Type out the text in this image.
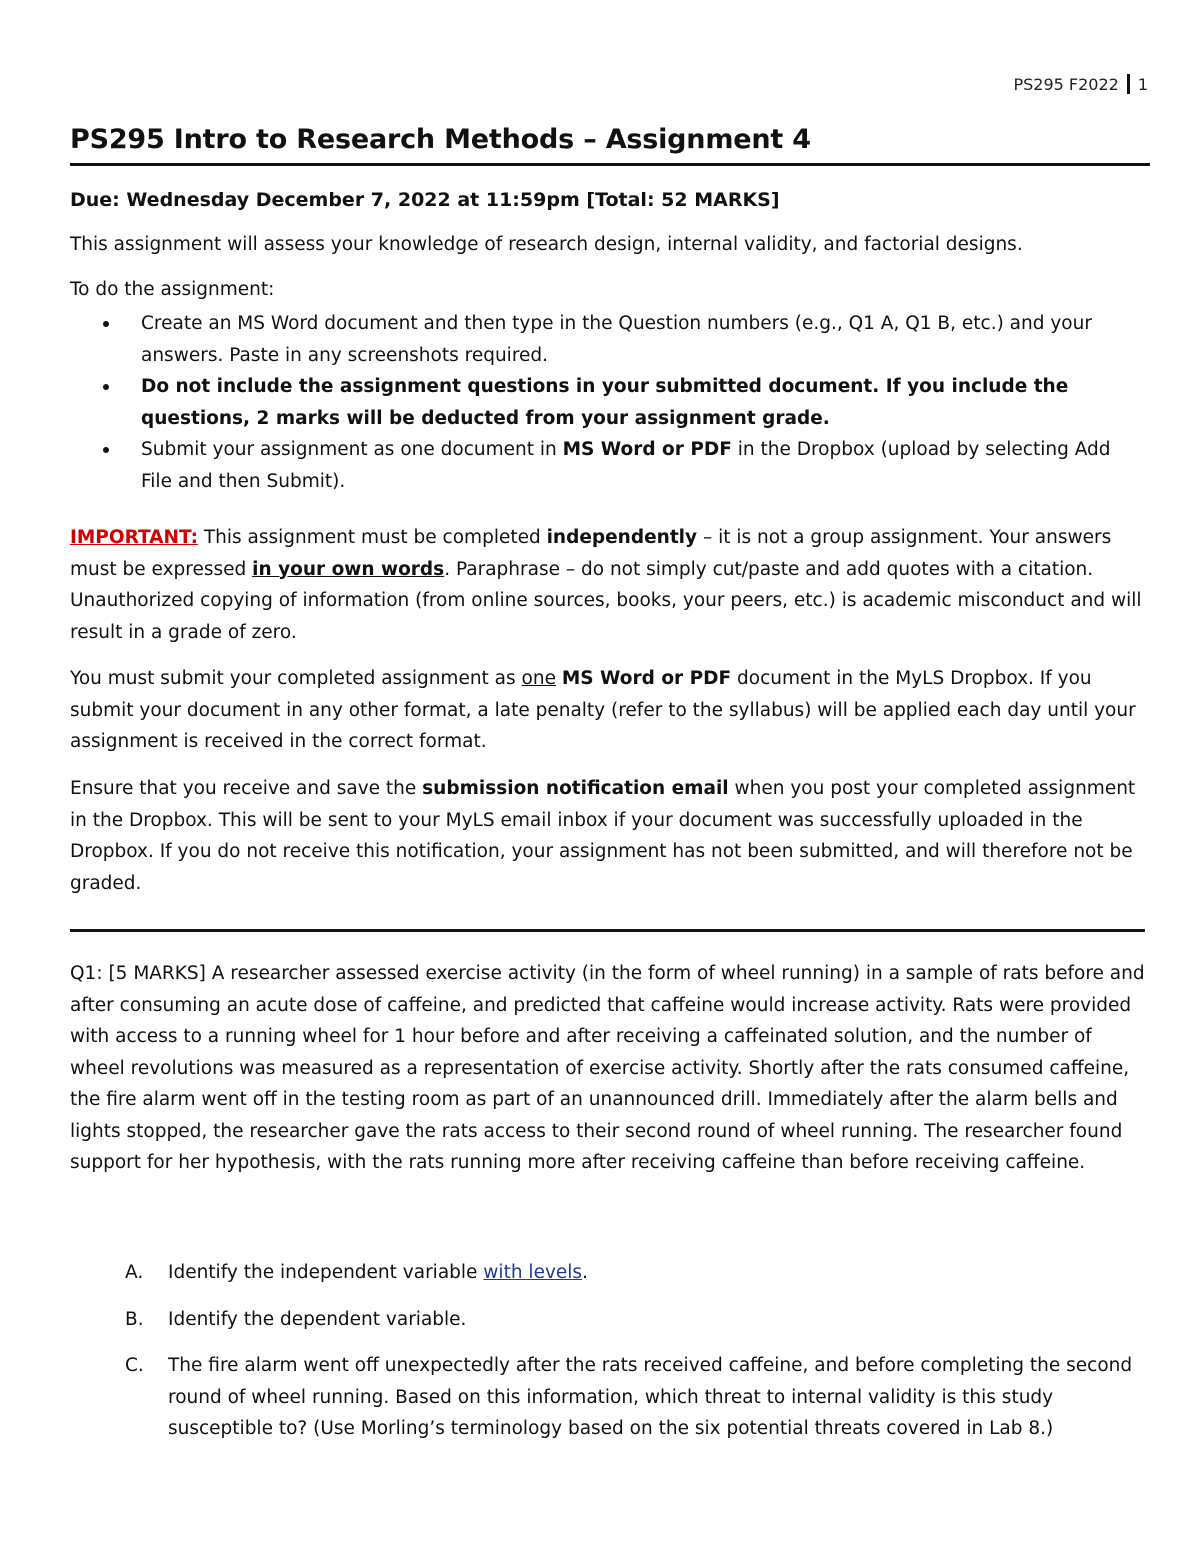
PS295 F2022 1
PS295 Intro to Research Methods – Assignment 4
Due: Wednesday December 7, 2022 at 11:59pm [Total: 52 MARKS]
This assignment will assess your knowledge of research design, internal validity, and factorial designs.
To do the assignment:
Create an MS Word document and then type in the Question numbers (e.g., Q1 A, Q1 B, etc.) and your answers. Paste in any screenshots required.
Do not include the assignment questions in your submitted document. If you include the questions, 2 marks will be deducted from your assignment grade.
Submit your assignment as one document in MS Word or PDF in the Dropbox (upload by selecting Add File and then Submit).
IMPORTANT: This assignment must be completed independently – it is not a group assignment. Your answers must be expressed in your own words. Paraphrase – do not simply cut/paste and add quotes with a citation. Unauthorized copying of information (from online sources, books, your peers, etc.) is academic misconduct and will result in a grade of zero.
You must submit your completed assignment as one MS Word or PDF document in the MyLS Dropbox. If you submit your document in any other format, a late penalty (refer to the syllabus) will be applied each day until your assignment is received in the correct format.
Ensure that you receive and save the submission notification email when you post your completed assignment in the Dropbox. This will be sent to your MyLS email inbox if your document was successfully uploaded in the Dropbox. If you do not receive this notification, your assignment has not been submitted, and will therefore not be graded.
Q1: [5 MARKS] A researcher assessed exercise activity (in the form of wheel running) in a sample of rats before and after consuming an acute dose of caffeine, and predicted that caffeine would increase activity. Rats were provided with access to a running wheel for 1 hour before and after receiving a caffeinated solution, and the number of wheel revolutions was measured as a representation of exercise activity. Shortly after the rats consumed caffeine, the fire alarm went off in the testing room as part of an unannounced drill. Immediately after the alarm bells and lights stopped, the researcher gave the rats access to their second round of wheel running. The researcher found support for her hypothesis, with the rats running more after receiving caffeine than before receiving caffeine.
A. Identify the independent variable with levels.
B. Identify the dependent variable.
C. The fire alarm went off unexpectedly after the rats received caffeine, and before completing the second round of wheel running. Based on this information, which threat to internal validity is this study susceptible to? (Use Morling’s terminology based on the six potential threats covered in Lab 8.)
